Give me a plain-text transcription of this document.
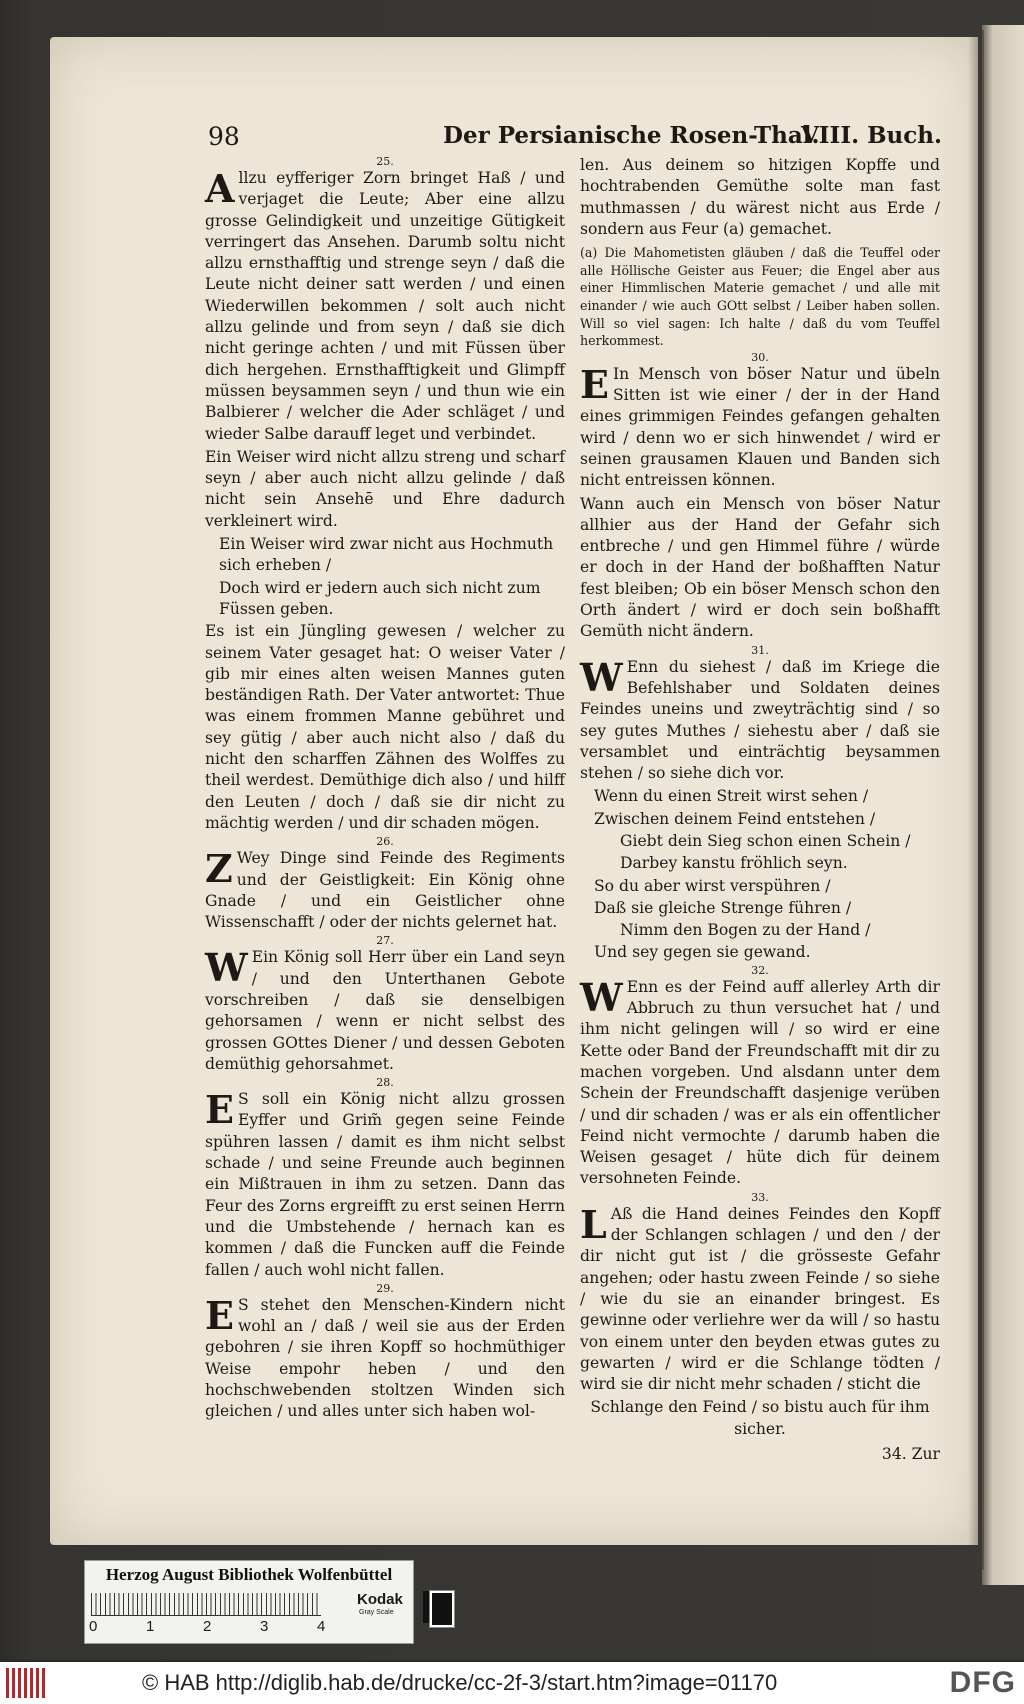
98	Der Persianische Rosen-Thal.
VIII. Buch.
25.
Allzu eyfferiger Zorn bringet Haß / und verjaget die Leute; Aber eine allzu grosse Gelindigkeit und unzeitige Gütigkeit verringert das Ansehen. Darumb soltu nicht allzu ernsthafftig und strenge seyn / daß die Leute nicht deiner satt werden / und einen Wiederwillen bekommen / solt auch nicht allzu gelinde und from seyn / daß sie dich nicht geringe achten / und mit Füssen über dich hergehen. Ernsthafftigkeit und Glimpff müssen beysammen seyn / und thun wie ein Balbierer / welcher die Ader schläget / und wieder Salbe darauff leget und verbindet.
Ein Weiser wird nicht allzu streng und scharf seyn / aber auch nicht allzu gelinde / daß nicht sein Ansehē und Ehre dadurch verkleinert wird.
Ein Weiser wird zwar nicht aus Hochmuth sich erheben /
Doch wird er jedern auch sich nicht zum Füssen geben.
Es ist ein Jüngling gewesen / welcher zu seinem Vater gesaget hat: O weiser Vater / gib mir eines alten weisen Mannes guten beständigen Rath. Der Vater antwortet: Thue was einem frommen Manne gebühret und sey gütig / aber auch nicht also / daß du nicht den scharffen Zähnen des Wolffes zu theil werdest. Demüthige dich also / und hilff den Leuten / doch / daß sie dir nicht zu mächtig werden / und dir schaden mögen.
26.
Z Wey Dinge sind Feinde des Regiments und der Geistligkeit: Ein König ohne Gnade / und ein Geistlicher ohne Wissenschafft / oder der nichts gelernet hat.
27.
W Ein König soll Herr über ein Land seyn / und den Unterthanen Gebote vorschreiben / daß sie denselbigen gehorsamen / wenn er nicht selbst des grossen GOttes Diener / und dessen Geboten demüthig gehorsahmet.
28.
E S soll ein König nicht allzu grossen Eyffer und Grim̃ gegen seine Feinde spühren lassen / damit es ihm nicht selbst schade / und seine Freunde auch beginnen ein Mißtrauen in ihm zu setzen. Dann das Feur des Zorns ergreifft zu erst seinen Herrn und die Umbstehende / hernach kan es kommen / daß die Funcken auff die Feinde fallen / auch wohl nicht fallen.
29.
E S stehet den Menschen-Kindern nicht wohl an / daß / weil sie aus der Erden gebohren / sie ihren Kopff so hochmüthiger Weise empohr heben / und den hochschwebenden stoltzen Winden sich gleichen / und alles unter sich haben wol-
len. Aus deinem so hitzigen Kopffe und hochtrabenden Gemüthe solte man fast muthmassen / du wärest nicht aus Erde / sondern aus Feur (a) gemachet.
(a) Die Mahometisten gläuben / daß die Teuffel oder alle Höllische Geister aus Feuer; die Engel aber aus einer Himmlischen Materie gemachet / und alle mit einander / wie auch GOtt selbst / Leiber haben sollen. Will so viel sagen: Ich halte / daß du vom Teuffel herkommest.
30.
E In Mensch von böser Natur und übeln Sitten ist wie einer / der in der Hand eines grimmigen Feindes gefangen gehalten wird / denn wo er sich hinwendet / wird er seinen grausamen Klauen und Banden sich nicht entreissen können.
Wann auch ein Mensch von böser Natur allhier aus der Hand der Gefahr sich entbreche / und gen Himmel führe / würde er doch in der Hand der boßhafften Natur fest bleiben; Ob ein böser Mensch schon den Orth ändert / wird er doch sein boßhafft Gemüth nicht ändern.
31.
W Enn du siehest / daß im Kriege die Befehlshaber und Soldaten deines Feindes uneins und zweyträchtig sind / so sey gutes Muthes / siehestu aber / daß sie versamblet und einträchtig beysammen stehen / so siehe dich vor.
Wenn du einen Streit wirst sehen /
Zwischen deinem Feind entstehen /
Giebt dein Sieg schon einen Schein /
Darbey kanstu fröhlich seyn.
So du aber wirst verspühren /
Daß sie gleiche Strenge führen /
Nimm den Bogen zu der Hand /
Und sey gegen sie gewand.
32.
W Enn es der Feind auff allerley Arth dir Abbruch zu thun versuchet hat / und ihm nicht gelingen will / so wird er eine Kette oder Band der Freundschafft mit dir zu machen vorgeben. Und alsdann unter dem Schein der Freundschafft dasjenige verüben / und dir schaden / was er als ein offentlicher Feind nicht vermochte / darumb haben die Weisen gesaget / hüte dich für deinem versohneten Feinde.
33.
L Aß die Hand deines Feindes den Kopff der Schlangen schlagen / und den / der dir nicht gut ist / die grösseste Gefahr angehen; oder hastu zween Feinde / so siehe / wie du sie an einander bringest. Es gewinne oder verliehre wer da will / so hastu von einem unter den beyden etwas gutes zu gewarten / wird er die Schlange tödten / wird sie dir nicht mehr schaden / sticht die
Schlange den Feind / so bistu auch für ihm sicher.
34. Zur
Herzog August Bibliothek Wolfenbüttel
0	1	2	3	4
Kodak
Gray Scale
© HAB http://diglib.hab.de/drucke/cc-2f-3/start.htm?image=01170	DFG
